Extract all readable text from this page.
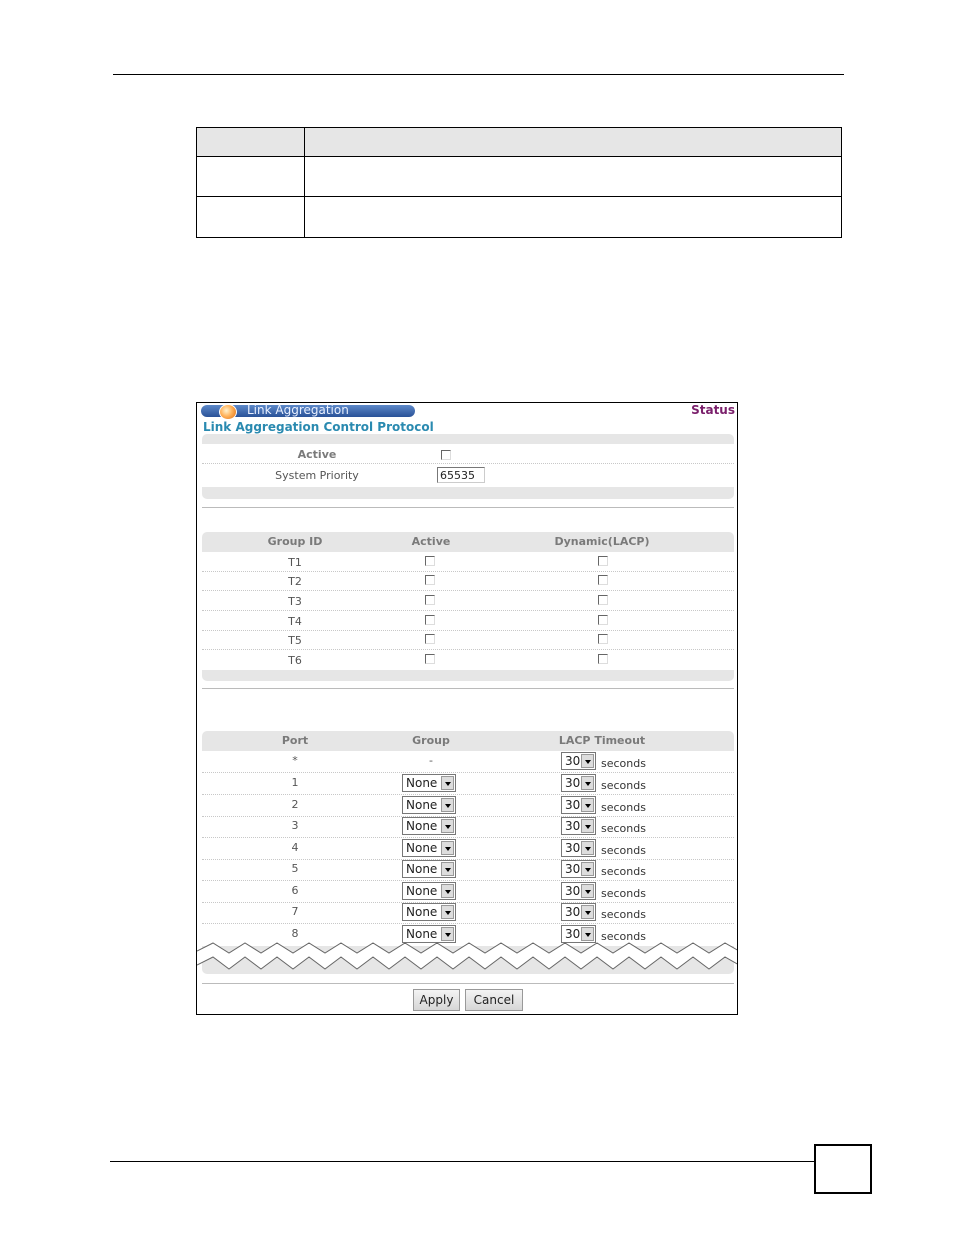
Link Aggregation	Status
Link Aggregation Control Protocol
Active
System Priority	65535
Group ID	Active	Dynamic(LACP)
T1
T2
T3
T4
T5
T6
Port	Group	LACP Timeout
*	-	30 seconds
1	None	30 seconds
2	None	30 seconds
3	None	30 seconds
4	None	30 seconds
5	None	30 seconds
6	None	30 seconds
7	None	30 seconds
8	None	30 seconds
Apply	Cancel
